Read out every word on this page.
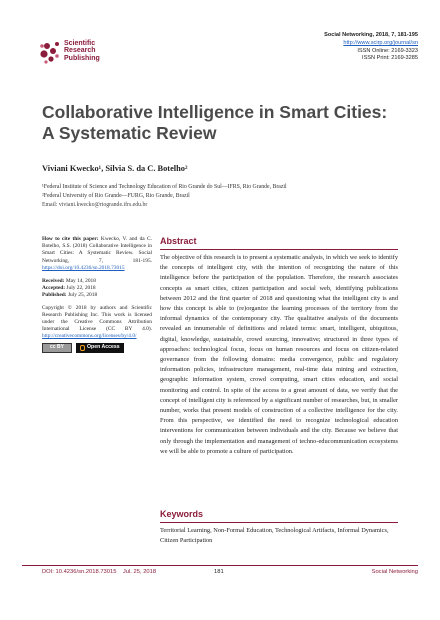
Scientific
Research
Publishing
Social Networking, 2018, 7, 181-195
http://www.scirp.org/journal/sn
ISSN Online: 2169-3323
ISSN Print: 2169-3285
Collaborative Intelligence in Smart Cities: A Systematic Review
Viviani Kwecko¹, Silvia S. da C. Botelho²
¹Federal Institute of Science and Technology Education of Rio Grande do Sul—IFRS, Rio Grande, Brazil
²Federal University of Rio Grande—FURG, Rio Grande, Brazil
Email: viviani.kwecko@riogrande.ifrs.edu.br
How to cite this paper: Kwecko, V. and da C. Botelho, S.S. (2018) Collaborative Intelligence in Smart Cities: A Systematic Review. Social Networking, 7, 181-195. https://doi.org/10.4236/sn.2018.73015
Received: May 14, 2018
Accepted: July 22, 2018
Published: July 25, 2018
Copyright © 2018 by authors and Scientific Research Publishing Inc. This work is licensed under the Creative Commons Attribution International License (CC BY 4.0). http://creativecommons.org/licenses/by/4.0/
cc BY	Open Access
Abstract
The objective of this research is to present a systematic analysis, in which we seek to identify the concepts of intelligent city, with the intention of recognizing the nature of this intelligence before the participation of the population. Therefore, the research associates concepts as smart cities, citizen participation and social web, identifying publications between 2012 and the first quarter of 2018 and questioning what the intelligent city is and how this concept is able to (re)organize the learning processes of the territory from the informal dynamics of the contemporary city. The qualitative analysis of the documents revealed an innumerable of definitions and related terms: smart, intelligent, ubiquitous, digital, knowledge, sustainable, crowd sourcing, innovative; structured in three types of approaches: technological focus, focus on human resources and focus on citizen-related governance from the following domains: media convergence, public and regulatory information policies, infrastructure management, real-time data mining and extraction, geographic information system, crowd computing, smart cities education, and social monitoring and control. In spite of the access to a great amount of data, we verify that the concept of intelligent city is referenced by a significant number of researches, but, in smaller number, works that present models of construction of a collective intelligence for the city. From this perspective, we identified the need to recognize technological education interventions for communication between individuals and the city. Because we believe that only through the implementation and management of techno-educommunication ecosystems we will be able to promote a culture of participation.
Keywords
Territorial Learning, Non-Formal Education, Technological Artifacts, Informal Dynamics, Citizen Participation
DOI: 10.4236/sn.2018.73015    Jul. 25, 2018	181	Social Networking
